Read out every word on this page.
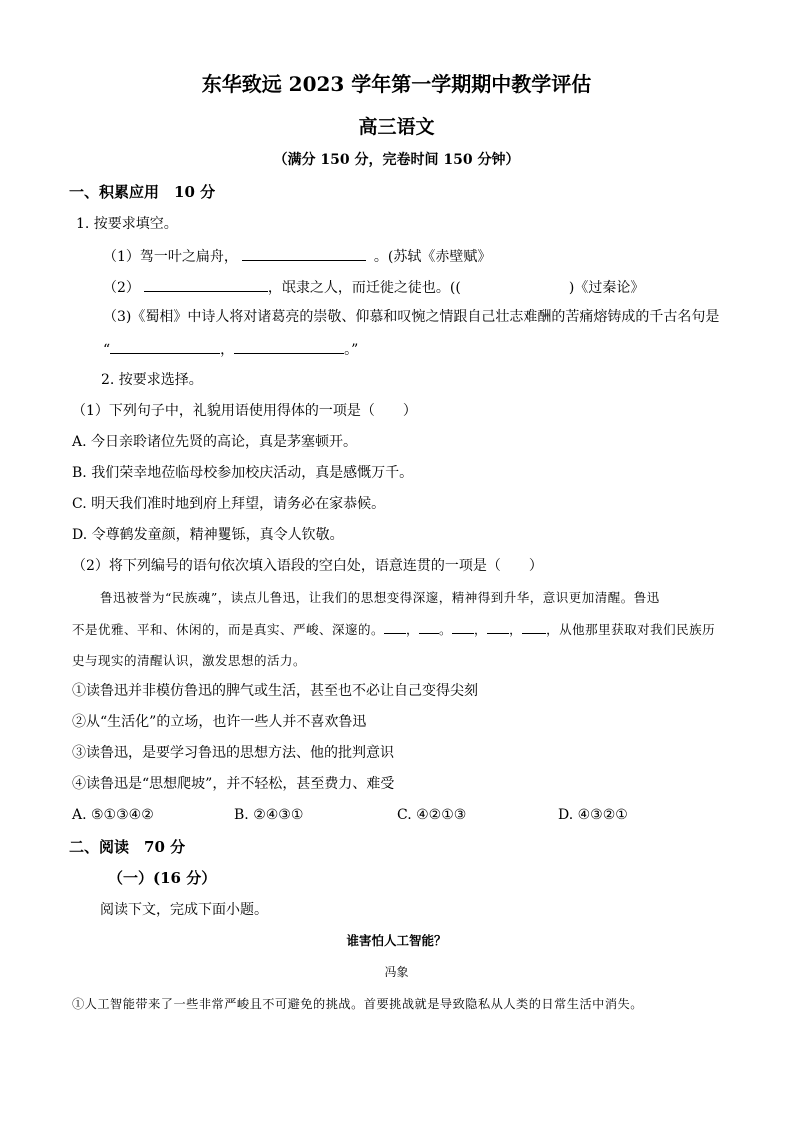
东华致远 2023 学年第一学期期中教学评估
高三语文
（满分 150 分，完卷时间 150 分钟）
一、积累应用　10 分
1. 按要求填空。
（1）驾一叶之扁舟，	。(苏轼《赤壁赋》
（2）	，氓隶之人，而迁徙之徒也。((	)《过秦论》
（3)《蜀相》中诗人将对诸葛亮的崇敬、仰慕和叹惋之情跟自己壮志难酬的苦痛熔铸成的千古名句是
“	，	。”
2. 按要求选择。
（1）下列句子中，礼貌用语使用得体的一项是（　　）
A. 今日亲聆诸位先贤的高论，真是茅塞顿开。
B. 我们荣幸地莅临母校参加校庆活动，真是感慨万千。
C. 明天我们准时地到府上拜望，请务必在家恭候。
D. 令尊鹤发童颜，精神矍铄，真令人钦敬。
（2）将下列编号的语句依次填入语段的空白处，语意连贯的一项是（　　）
鲁迅被誉为“民族魂”，读点儿鲁迅，让我们的思想变得深邃，精神得到升华，意识更加清醒。鲁迅
不是优雅、平和、休闲的，而是真实、严峻、深邃的。 ， 。 ， ， ，从他那里获取对我们民族历
史与现实的清醒认识，激发思想的活力。
①读鲁迅并非模仿鲁迅的脾气或生活，甚至也不必让自己变得尖刻
②从“生活化”的立场，也许一些人并不喜欢鲁迅
③读鲁迅，是要学习鲁迅的思想方法、他的批判意识
④读鲁迅是“思想爬坡”，并不轻松，甚至费力、难受
A. ⑤①③④②	B. ②④③①	C. ④②①③	D. ④③②①
二、阅读　70 分
（一）(16 分）
阅读下文，完成下面小题。
谁害怕人工智能？
冯象
①人工智能带来了一些非常严峻且不可避免的挑战。首要挑战就是导致隐私从人类的日常生活中消失。
